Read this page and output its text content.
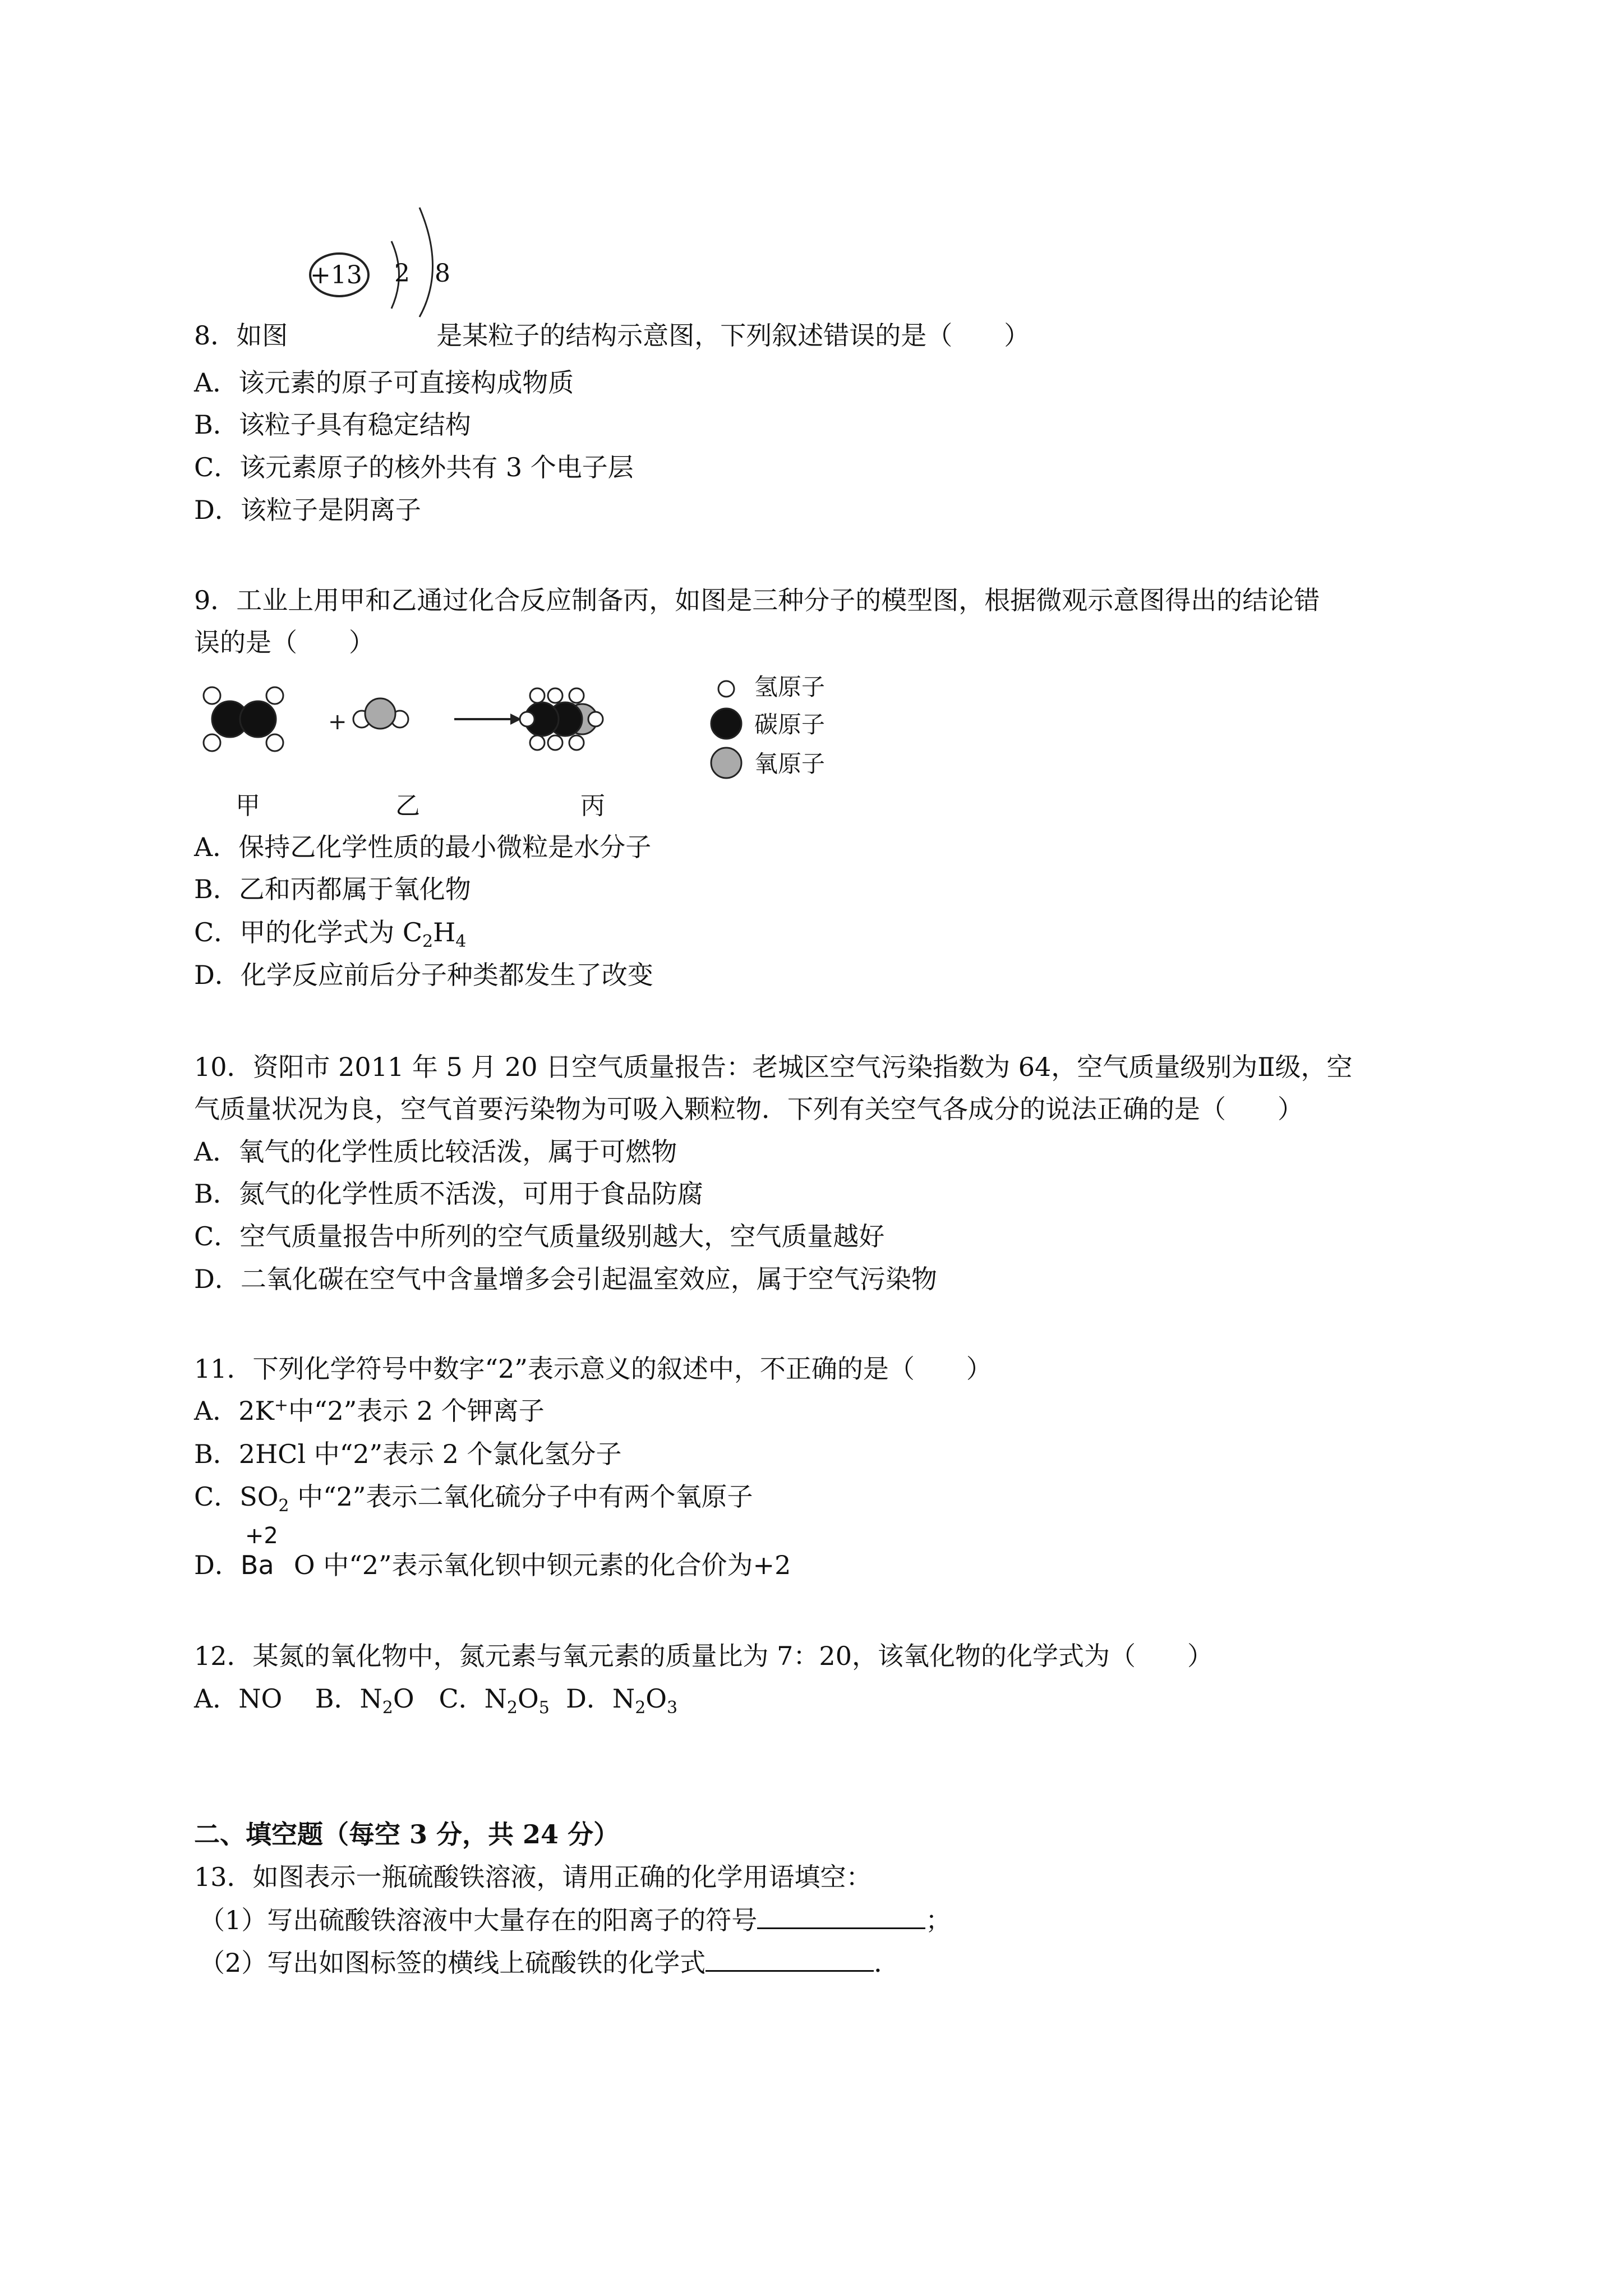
+13 2 8
8．如图	是某粒子的结构示意图，下列叙述错误的是（　　）
A．该元素的原子可直接构成物质
B．该粒子具有稳定结构
C．该元素原子的核外共有 3 个电子层
D．该粒子是阴离子
9．工业上用甲和乙通过化合反应制备丙，如图是三种分子的模型图，根据微观示意图得出的结论错
误的是（　　）
+
氢原子
碳原子
氧原子
甲	乙	丙
A．保持乙化学性质的最小微粒是水分子
B．乙和丙都属于氧化物
C．甲的化学式为 $C_2H_4$
D．化学反应前后分子种类都发生了改变
10．资阳市 2011 年 5 月 20 日空气质量报告：老城区空气污染指数为 64，空气质量级别为Ⅱ级，空
气质量状况为良，空气首要污染物为可吸入颗粒物．下列有关空气各成分的说法正确的是（　　）
A．氧气的化学性质比较活泼，属于可燃物
B．氮气的化学性质不活泼，可用于食品防腐
C．空气质量报告中所列的空气质量级别越大，空气质量越好
D．二氧化碳在空气中含量增多会引起温室效应，属于空气污染物
11．下列化学符号中数字“2”表示意义的叙述中，不正确的是（　　）
A．2K+中“2”表示 2 个钾离子
B．2HCl 中“2”表示 2 个氯化氢分子
C．$SO_2$ 中“2”表示二氧化硫分子中有两个氧原子
D．
+2
Ba O 中“2”表示氧化钡中钡元素的化合价为+2
12．某氮的氧化物中，氮元素与氧元素的质量比为 7：20，该氧化物的化学式为（　　）
A．NO B．$N_2O$ C．$N_2O_5$ D．$N_2O_3$
二、填空题（每空 3 分，共 24 分）
13．如图表示一瓶硫酸铁溶液，请用正确的化学用语填空：
（1）写出硫酸铁溶液中大量存在的阳离子的符号	；
（2）写出如图标签的横线上硫酸铁的化学式	．
